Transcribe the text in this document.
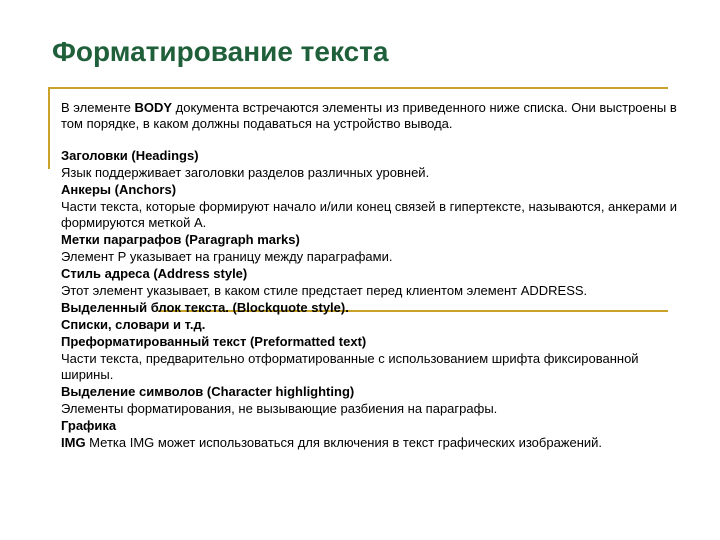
Форматирование текста

В элементе BODY документа встречаются элементы из приведенного ниже списка. Они выстроены в том порядке, в каком должны подаваться на устройство вывода.

Заголовки (Headings)

Язык поддерживает заголовки разделов различных уровней.

Анкеры (Anchors)

Части текста, которые формируют начало и/или конец связей в гипертексте, называются, анкерами и формируются меткой А.

Метки параграфов (Paragraph marks)

Элемент Р указывает на границу между параграфами.

Стиль адреса (Address style)

Этот элемент указывает, в каком стиле предстает перед клиентом элемент ADDRESS.

Выделенный блок текста. (Blockquote style).

Списки, словари и т.д.

Преформатированный текст (Preformatted text)

Части текста, предварительно отформатированные с использованием шрифта фиксированной ширины.

Выделение символов (Character highlighting)

Элементы форматирования, не вызывающие разбиения на параграфы.

Графика

IMG Метка IMG может использоваться для включения в текст графических изображений.
